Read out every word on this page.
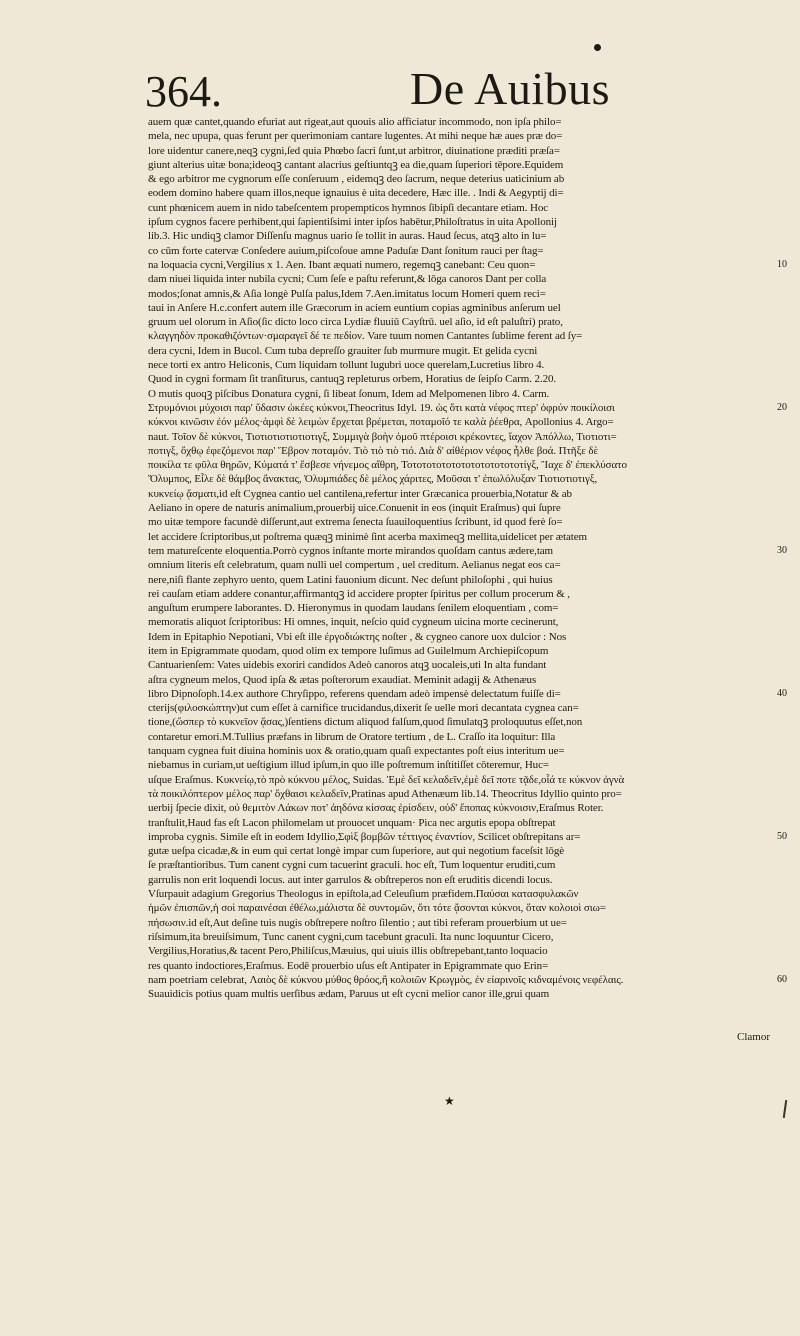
364.	De Auibus
auem quæ cantet,quando efuriat aut rigeat,aut quouis alio afficiatur incommodo, non ipſa philo=
mela, nec upupa, quas ferunt per querimoniam cantare lugentes. At mihi neque hæ aues præ do=
lore uidentur canere,neqꝫ cygni,ſed quia Phœbo ſacri ſunt,ut arbitror, diuinatione præditi præſa=
giunt alterius uitæ bona;ideoqꝫ cantant alacrius geſtiuntqꝫ ea die,quam ſuperiori tēpore.Equidem
& ego arbitror me cygnorum eſſe conſeruum , eidemqꝫ deo ſacrum, neque deterius uaticinium ab
eodem domino habere quam illos,neque ignauius è uita decedere, Hæc ille. . Indi & Aegyptij di=
cunt phœnicem auem in nido tabeſcentem propempticos hymnos ſibipſi decantare etiam. Hoc
ipſum cygnos facere perhibent,qui ſapientiſsimi inter ipſos habētur,Philoſtratus in uita Apollonij
lib.3. Hic undiqꝫ clamor Diſſenſu magnus uario ſe tollit in auras. Haud ſecus, atqꝫ alto in lu=
co cūm forte catervæ Conſedere auium,piſcoſoue amne Paduſæ Dant ſonitum rauci per ſtag=
na loquacia cycni,Vergilius x 1. Aen. Ibant æquati numero, regemqꝫ canebant: Ceu quon=
dam niuei liquida inter nubila cycni; Cum ſeſe e paſtu referunt,& lōga canoros Dant per colla
modos;ſonat amnis,& Aſia longè Pulſa palus,Idem 7.Aen.imitatus locum Homeri quem reci=
taui in Anſere H.c.confert autem ille Græcorum in aciem euntium copias agminibus anſerum uel
gruum uel olorum in Aſio(ſic dicto loco circa Lydiæ fluuiū Cayſtrū. uel aſio, id eſt paluſtri) prato,
κλαγγηδὸν προκαθιζόντων·σμαραγεῖ δέ τε πεδίον. Vare tuum nomen Cantantes ſublime ferent ad ſy=
dera cycni, Idem in Bucol. Cum tuba depreſſo grauiter ſub murmure mugit. Et gelida cycni
nece torti ex antro Heliconis, Cum liquidam tollunt lugubri uoce querelam,Lucretius libro 4.
Quod in cygni formam ſit tranſiturus, cantuqꝫ repleturus orbem, Horatius de ſeipſo Carm. 2.20.
O mutis quoqꝫ piſcibus Donatura cygni, ſi libeat ſonum, Idem ad Melpomenen libro 4. Carm.
Στρυμόνιοι μύχοισι παρ' ὕδασιν ὠκέες κύκνοι,Theocritus Idyl. 19. ὡς ὅτι κατὰ νέφος πτερ' ὀφρύν ποικίλοισι
κύκνοι κινῶσιν ἐόν μέλος·ἀμφὶ δὲ λειμὼν ἔρχεται βρέμεται, ποταμοῖό τε καλὰ ῥέεθρα, Apollonius 4. Argo=
naut. Τοῖον δὲ κύκνοι, Τιοτιοτιοτιοτιοτιγξ, Συμμιγὰ βοὴν ὁμοῦ πτέροισι κρέκοντες, ἴαχον Ἀπόλλω, Τιοτιοτι=
ποτιγξ, ὄχθῳ ἐφεζόμενοι παρ' Ἕβρον ποταμόν. Τιὸ τιὸ τιὸ τιό. Διὰ δ' αἰθέριον νέφος ἦλθε βοά. Πτῆξε δὲ
ποικίλα τε φῦλα θηρῶν, Κύματά τ' ἔσβεσε νήνεμος αἴθρη, Τοτοτοτοτοτοτοτοτοτοτοτοτίγξ, Ἴαχε δ' ἐπεκλύσατο
Ὄλυμπος, Εἷλε δὲ θάμβος ἄνακτας, Ὀλυμπιάδες δὲ μέλος χάριτες, Μοῦσαι τ' ἐπωλόλυξαν Τιοτιοτιοτιγξ,
κυκνείῳ ᾄσματι,id eſt Cygnea cantio uel cantilena,refertur inter Græcanica prouerbia,Notatur & ab
Aeliano in opere de naturis animalium,prouerbij uice.Conuenit in eos (inquit Eraſmus) qui ſupre
mo uitæ tempore facundè diſſerunt,aut extrema ſenecta ſuauiloquentius ſcribunt, id quod ferè ſo=
let accidere ſcriptoribus,ut poſtrema quæqꝫ minimè ſint acerba maximeqꝫ mellita,uidelicet per ætatem
tem matureſcente eloquentia.Porrò cygnos inſtante morte mirandos quoſdam cantus ædere,tam
omnium literis eſt celebratum, quam nulli uel compertum , uel creditum. Aelianus negat eos ca=
nere,niſi flante zephyro uento, quem Latini fauonium dicunt. Nec deſunt philoſophi , qui huius
rei cauſam etiam addere conantur,affirmantqꝫ id accidere propter ſpiritus per collum procerum & ,
anguſtum erumpere laborantes. D. Hieronymus in quodam laudans ſenilem eloquentiam , com=
memoratis aliquot ſcriptoribus: Hi omnes, inquit, neſcio quid cygneum uicina morte cecinerunt,
Idem in Epitaphio Nepotiani, Vbi eſt ille ἐργοδιώκτης noſter , & cygneo canore uox dulcior : Nos
item in Epigrammate quodam, quod olim ex tempore luſimus ad Guilelmum Archiepiſcopum
Cantuarienſem: Vates uidebis exoriri candidos Adeò canoros atqꝫ uocaleis,uti In alta fundant
aſtra cygneum melos, Quod ipſa & ætas poſterorum exaudiat. Meminit adagij & Athenæus
libro Dipnoſoph.14.ex authore Chryſippo, referens quendam adeò impensè delectatum fuiſſe di=
cterijs(φιλοσκώπτην)ut cum eſſet à carnifice trucidandus,dixerit ſe uelle mori decantata cygnea can=
tione,(ὥσπερ τὸ κυκνεῖον ᾄσας,)ſentiens dictum aliquod falſum,quod ſimulatqꝫ proloquutus eſſet,non
contaretur emori.M.Tullius præfans in librum de Oratore tertium , de L. Craſſo ita loquitur: Illa
tanquam cygnea fuit diuina hominis uox & oratio,quam quaſi expectantes poſt eius interitum ue=
niebamus in curiam,ut ueſtigium illud ipſum,in quo ille poſtremum inſtitiſſet cōteremur, Huc=
uſque Eraſmus. Κυκνείῳ,τὸ πρὸ κύκνου μέλος, Suidas. Ἐμὲ δεῖ κελαδεῖν,ἐμὲ δεῖ ποτε τᾷδε,οἷά τε κύκνον ἀγνὰ
τὰ ποικιλόπτερον μέλος παρ' ὄχθαισι κελαδεῖν,Pratinas apud Athenæum lib.14. Theocritus Idyllio quinto pro=
uerbij ſpecie dixit, οὐ θεμιτὸν Λάκων ποτ' ἀηδόνα κίσσας ἐρίσδειν, οὐδ' ἔποπας κύκνοισιν,Eraſmus Roter.
tranſtulit,Haud fas eſt Lacon philomelam ut prouocet unquam· Pica nec argutis epopa obſtrepat
improba cygnis. Simile eſt in eodem Idyllio,Σφὶξ βομβῶν τέττιγος ἐναντίον, Scilicet obſtrepitans ar=
gutæ ueſpa cicadæ,& in eum qui certat longè impar cum ſuperiore, aut qui negotium faceſsit lōgè
ſe præſtantioribus. Tum canent cygni cum tacuerint graculi. hoc eſt, Tum loquentur eruditi,cum
garrulis non erit loquendi locus. aut inter garrulos & obſtreperos non eſt eruditis dicendi locus.
Vſurpauit adagium Gregorius Theologus in epiſtola,ad Celeuſium præfidem.Παύσαι κατασφυλακῶν
ἡμῶν ἐπισπῶν,ἡ σοὶ παραινέσαι ἐθέλω,μάλιστα δὲ συντομῶν, ὅτι τότε ᾄσονται κύκνοι, ὅταν κολοιοὶ σιω=
πήσωσιν.id eſt,Aut deſine tuis nugis obſtrepere noſtro ſilentio ; aut tibi referam prouerbium ut ue=
riſsimum,ita breuiſsimum, Tunc canent cygni,cum tacebunt graculi. Ita nunc loquuntur Cicero,
Vergilius,Horatius,& tacent Pero,Philiſcus,Mæuius, qui uiuis illis obſtrepebant,tanto loquacio
res quanto indoctiores,Eraſmus. Eodē prouerbio uſus eſt Antipater in Epigrammate quo Erin=
nam poetriam celebrat, Λαιὸς δὲ κύκνου μύθος θρόος,ἢ κολοιῶν Κρωγμὸς, ἐν εἰαρινοῖς κιδναμένοις νεφέλαις.
Suauidicis potius quam multis uerſibus ædam, Paruus ut eſt cycni melior canor ille,grui quam
10
20
30
40
50
60
Clamor
★
